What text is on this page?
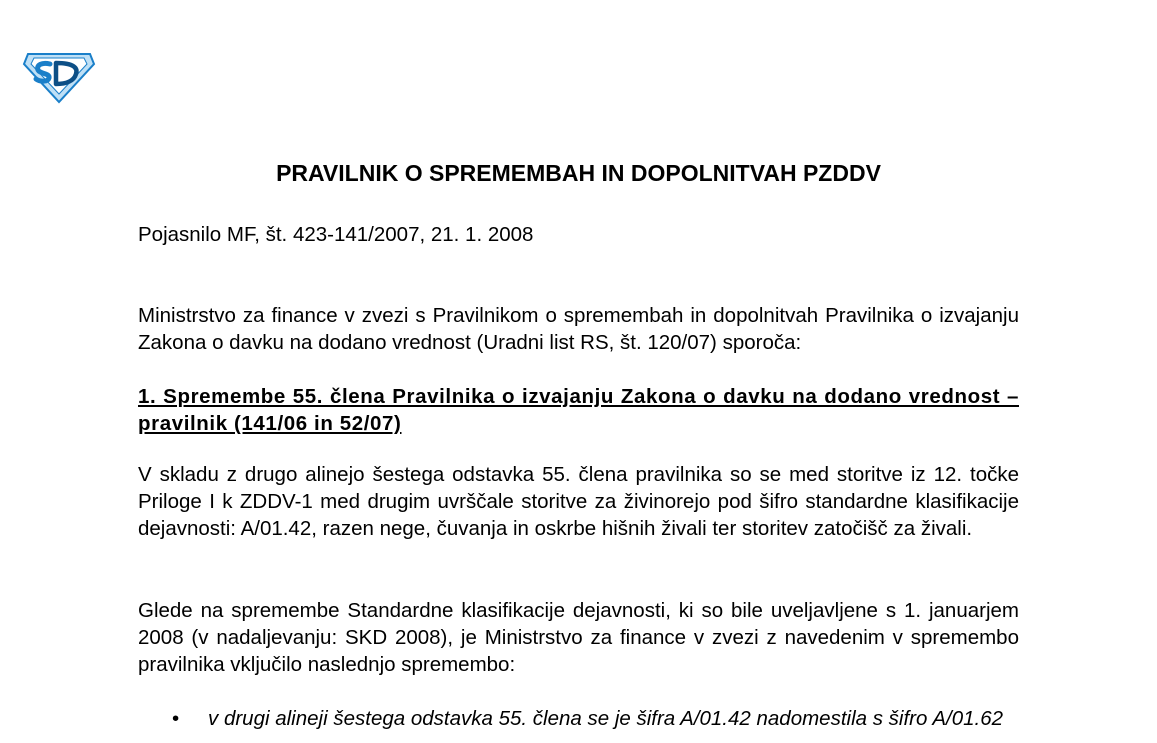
PRAVILNIK O SPREMEMBAH IN DOPOLNITVAH PZDDV

Pojasnilo MF, št. 423-141/2007, 21. 1. 2008

Ministrstvo za finance v zvezi s Pravilnikom o spremembah in dopolnitvah Pravilnika o izvajanju Zakona o davku na dodano vrednost (Uradni list RS, št. 120/07) sporoča:

1. Spremembe 55. člena Pravilnika o izvajanju Zakona o davku na dodano vrednost – pravilnik (141/06 in 52/07)

V skladu z drugo alinejo šestega odstavka 55. člena pravilnika so se med storitve iz 12. točke Priloge I k ZDDV-1 med drugim uvrščale storitve za živinorejo pod šifro standardne klasifikacije dejavnosti: A/01.42, razen nege, čuvanja in oskrbe hišnih živali ter storitev zatočišč za živali.

Glede na spremembe Standardne klasifikacije dejavnosti, ki so bile uveljavljene s 1. januarjem 2008 (v nadaljevanju: SKD 2008), je Ministrstvo za finance v zvezi z navedenim v spremembo pravilnika vključilo naslednjo spremembo:

• v drugi alineji šestega odstavka 55. člena se je šifra A/01.42 nadomestila s šifro A/01.62
